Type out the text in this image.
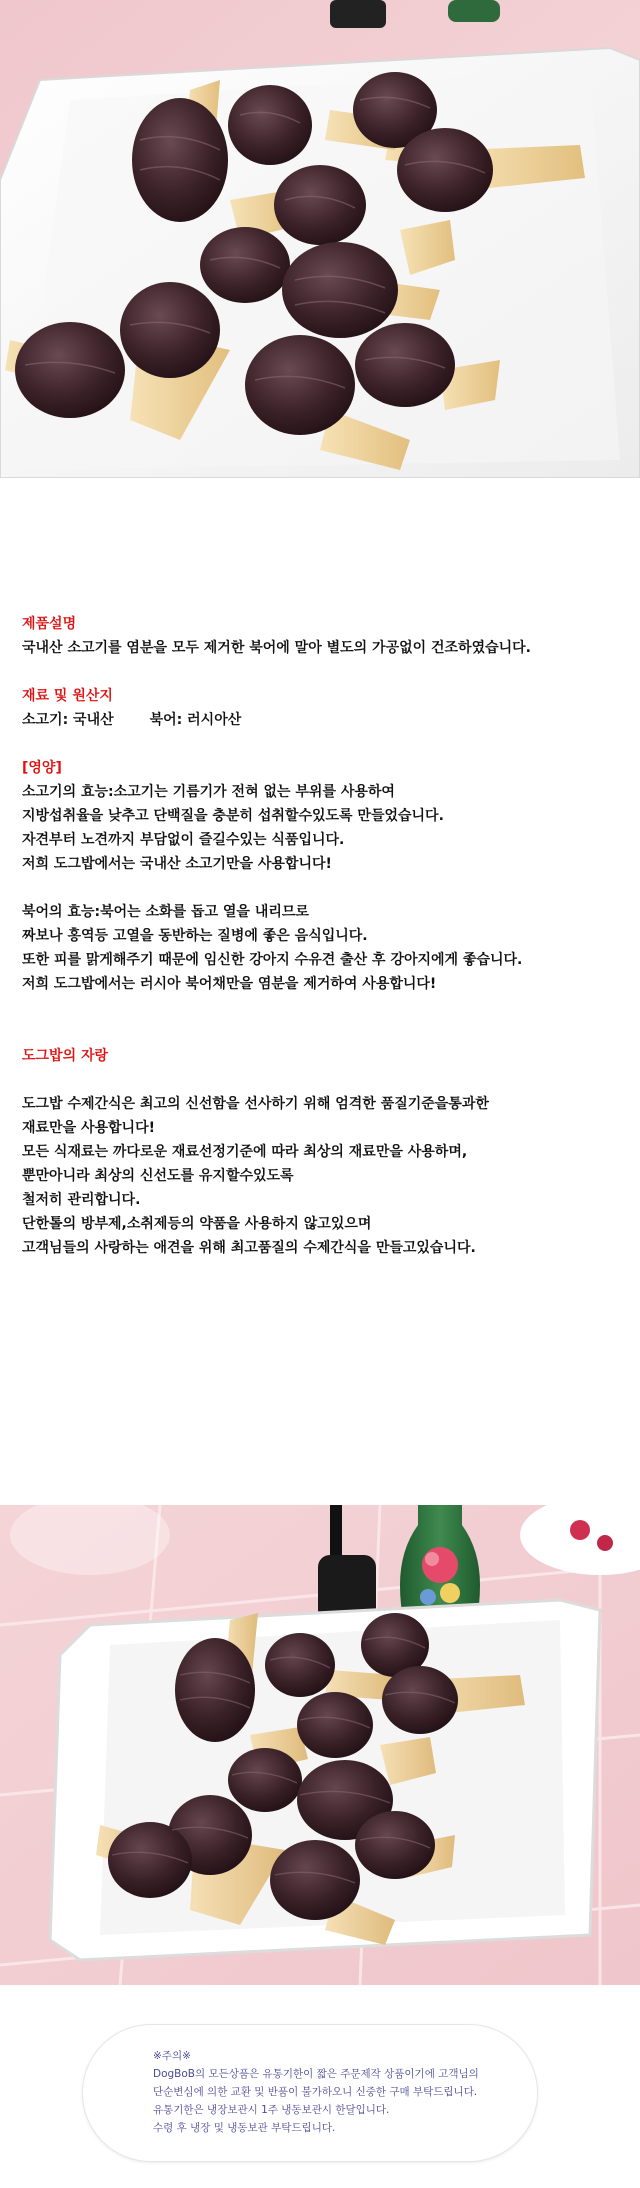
제품설명
국내산 소고기를 염분을 모두 제거한 북어에 말아 별도의 가공없이 건조하였습니다.
재료 및 원산지
소고기: 국내산	북어: 러시아산
[영양]
소고기의 효능:소고기는 기름기가 전혀 없는 부위를 사용하여
지방섭취율을 낮추고 단백질을 충분히 섭취할수있도록 만들었습니다.
자견부터 노견까지 부담없이 즐길수있는 식품입니다.
저희 도그밥에서는 국내산 소고기만을 사용합니다!
북어의 효능:북어는 소화를 돕고 열을 내리므로
짜보나 홍역등 고열을 동반하는 질병에 좋은 음식입니다.
또한 피를 맑게해주기 때문에 임신한 강아지 수유견 출산 후 강아지에게 좋습니다.
저희 도그밥에서는 러시아 북어채만을 염분을 제거하여 사용합니다!
도그밥의 자랑
도그밥 수제간식은 최고의 신선함을 선사하기 위해 엄격한 품질기준을통과한
재료만을 사용합니다!
모든 식재료는 까다로운 재료선정기준에 따라 최상의 재료만을 사용하며,
뿐만아니라 최상의 신선도를 유지할수있도록
철저히 관리합니다.
단한톨의 방부제,소취제등의 약품을 사용하지 않고있으며
고객님들의 사랑하는 애견을 위해 최고품질의 수제간식을 만들고있습니다.
※주의※
DogBoB의 모든상품은 유통기한이 짧은 주문제작 상품이기에 고객님의
단순변심에 의한 교환 및 반품이 불가하오니 신중한 구매 부탁드립니다.
유통기한은 냉장보관시 1주 냉동보관시 한달입니다.
수령 후 냉장 및 냉동보관 부탁드립니다.
